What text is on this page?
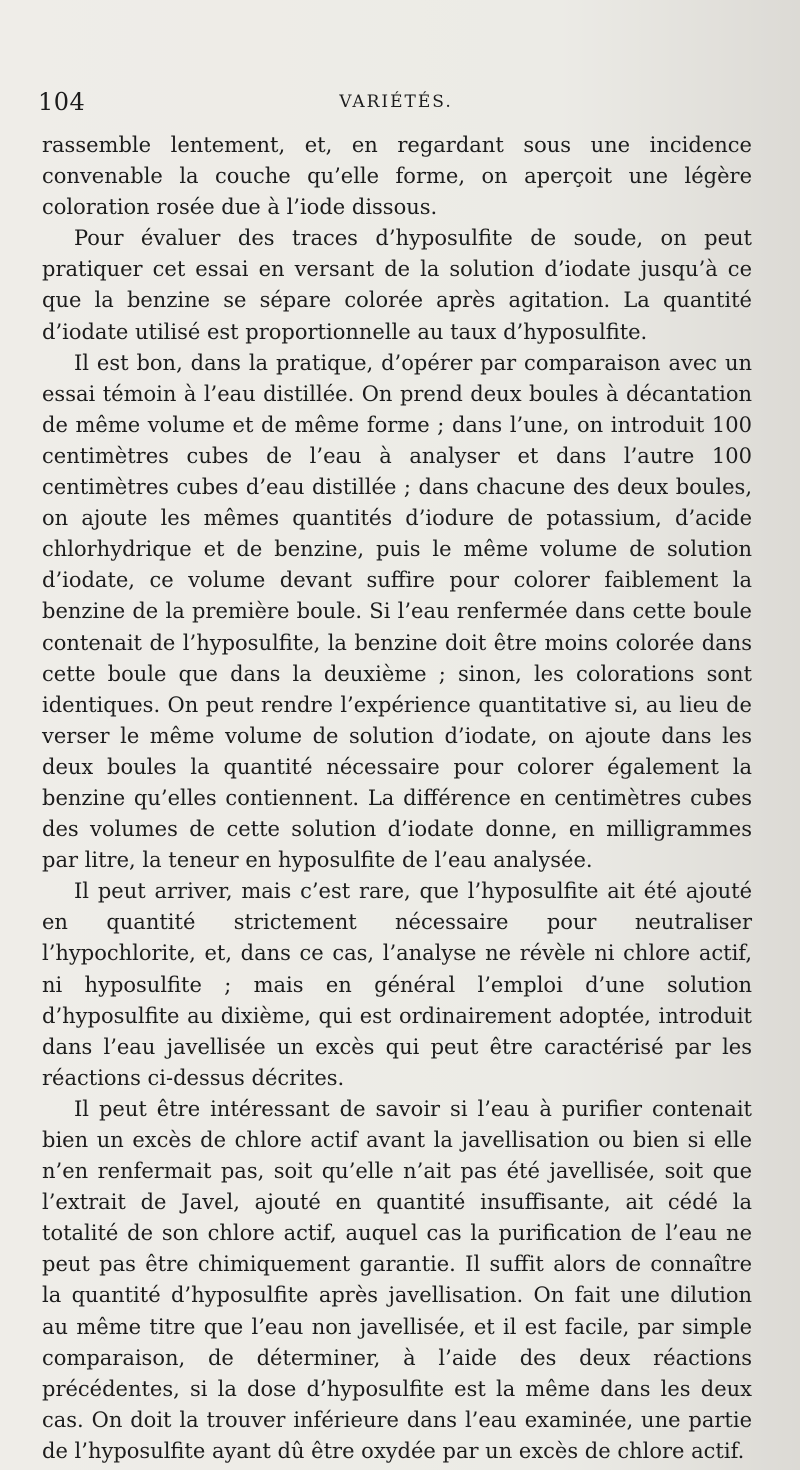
104	VARIÉTÉS.

rassemble lentement, et, en regardant sous une incidence convenable la couche qu’elle forme, on aperçoit une légère coloration rosée due à l’iode dissous.

Pour évaluer des traces d’hyposulfite de soude, on peut pratiquer cet essai en versant de la solution d’iodate jusqu’à ce que la benzine se sépare colorée après agitation. La quantité d’iodate utilisé est proportionnelle au taux d’hyposulfite.

Il est bon, dans la pratique, d’opérer par comparaison avec un essai témoin à l’eau distillée. On prend deux boules à décantation de même volume et de même forme ; dans l’une, on introduit 100 centimètres cubes de l’eau à analyser et dans l’autre 100 centimètres cubes d’eau distillée ; dans chacune des deux boules, on ajoute les mêmes quantités d’iodure de potassium, d’acide chlorhydrique et de benzine, puis le même volume de solution d’iodate, ce volume devant suffire pour colorer faiblement la benzine de la première boule. Si l’eau renfermée dans cette boule contenait de l’hyposulfite, la benzine doit être moins colorée dans cette boule que dans la deuxième ; sinon, les colorations sont identiques. On peut rendre l’expérience quantitative si, au lieu de verser le même volume de solution d’iodate, on ajoute dans les deux boules la quantité nécessaire pour colorer également la benzine qu’elles contiennent. La différence en centimètres cubes des volumes de cette solution d’iodate donne, en milligrammes par litre, la teneur en hyposulfite de l’eau analysée.

Il peut arriver, mais c’est rare, que l’hyposulfite ait été ajouté en quantité strictement nécessaire pour neutraliser l’hypochlorite, et, dans ce cas, l’analyse ne révèle ni chlore actif, ni hyposulfite ; mais en général l’emploi d’une solution d’hyposulfite au dixième, qui est ordinairement adoptée, introduit dans l’eau javellisée un excès qui peut être caractérisé par les réactions ci-dessus décrites.

Il peut être intéressant de savoir si l’eau à purifier contenait bien un excès de chlore actif avant la javellisation ou bien si elle n’en renfermait pas, soit qu’elle n’ait pas été javellisée, soit que l’extrait de Javel, ajouté en quantité insuffisante, ait cédé la totalité de son chlore actif, auquel cas la purification de l’eau ne peut pas être chimiquement garantie. Il suffit alors de connaître la quantité d’hyposulfite après javellisation. On fait une dilution au même titre que l’eau non javellisée, et il est facile, par simple comparaison, de déterminer, à l’aide des deux réactions précédentes, si la dose d’hyposulfite est la même dans les deux cas. On doit la trouver inférieure dans l’eau examinée, une partie de l’hyposulfite ayant dû être oxydée par un excès de chlore actif.
